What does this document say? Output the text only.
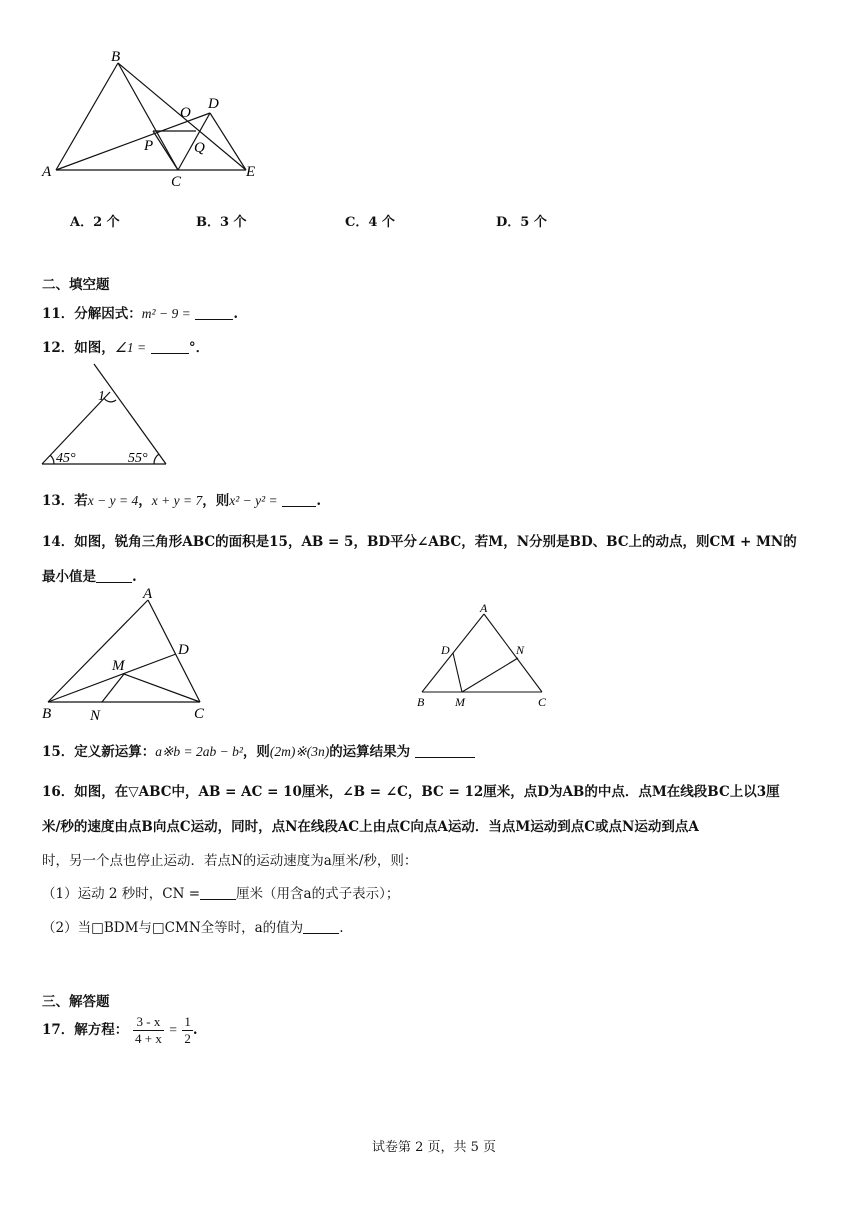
B
O
D
P	Q
A
C
E
A．2 个	B．3 个	C．4 个	D．5 个
二、填空题
11．分解因式：m² − 9 =	.
12．如图，∠1 =	°．
1
45°	55°
13．若x − y = 4，x + y = 7，则x² − y² =	.
14．如图，锐角三角形ABC的面积是15，AB = 5，BD平分∠ABC，若M，N分别是BD、BC上的动点，则CM + MN的
最小值是	.
A
D
M
B	N	C
A
D	N
B	M	C
15．定义新运算：a※b = 2ab − b²，则(2m)※(3n)的运算结果为
16．如图，在▽ABC中，AB = AC = 10厘米，∠B = ∠C，BC = 12厘米，点D为AB的中点．点M在线段BC上以3厘
米/秒的速度由点B向点C运动，同时，点N在线段AC上由点C向点A运动．当点M运动到点C或点N运动到点A
时，另一个点也停止运动．若点N的运动速度为a厘米/秒，则：
（1）运动 2 秒时，CN =	厘米（用含a的式子表示）；
（2）当□BDM与□CMN全等时，a的值为	.
三、解答题
17．解方程： $\frac{3 - x}{4 + x} = \frac{1}{2}$ .
试卷第 2 页，共 5 页
